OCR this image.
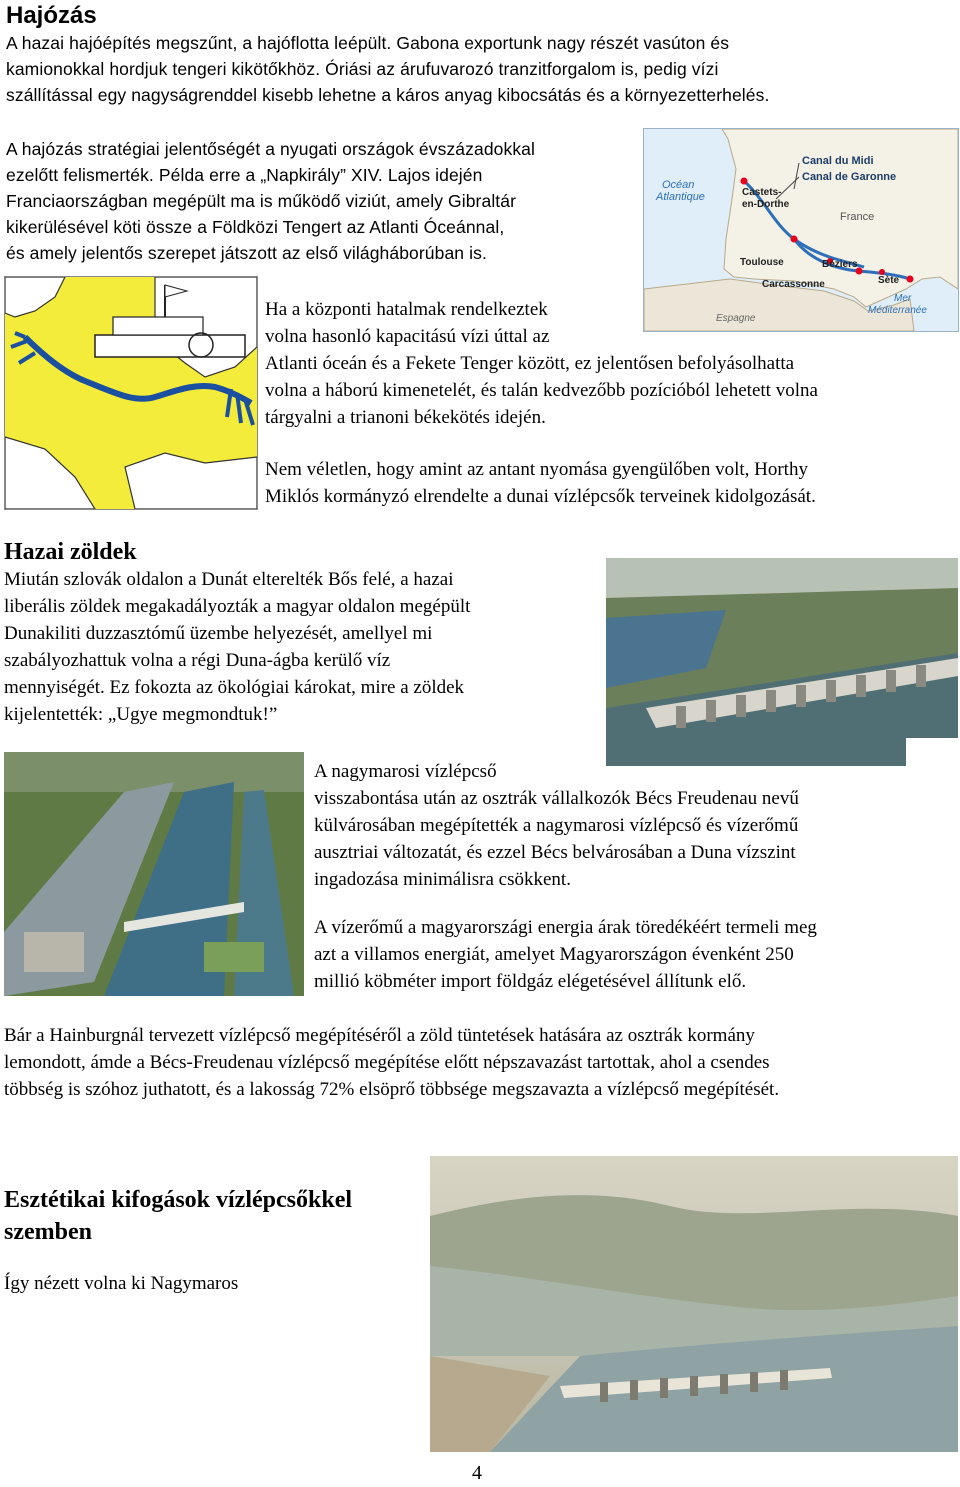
Hajózás
A hazai hajóépítés megszűnt, a hajóflotta leépült. Gabona exportunk nagy részét vasúton és
kamionokkal hordjuk tengeri kikötőkhöz. Óriási az árufuvarozó tranzitforgalom is, pedig vízi
szállítással egy nagyságrenddel kisebb lehetne a káros anyag kibocsátás és a környezetterhelés.
A hajózás stratégiai jelentőségét a nyugati országok évszázadokkal
ezelőtt felismerték. Példa erre a „Napkirály” XIV. Lajos idején
Franciaországban megépült ma is működő viziút, amely Gibraltár
kikerülésével köti össze a Földközi Tengert az Atlanti Óceánnal,
és amely jelentős szerepet játszott az első világháborúban is.
Océan
Atlantique
Canal du Midi
Canal de Garonne
Castets-
en-Dorthe
France
Toulouse	Béziers
Sète
Carcassonne
Mer
Méditerranée
Espagne

Ha a központi hatalmak rendelkeztek

volna hasonló kapacitású vízi úttal az

Atlanti óceán és a Fekete Tenger között, ez jelentősen befolyásolhatta

volna a háború kimenetelét, és talán kedvezőbb pozícióból lehetett volna

tárgyalni a trianoni békekötés idején.

Nem véletlen, hogy amint az antant nyomása gyengülőben volt, Horthy

Miklós kormányzó elrendelte a dunai vízlépcsők terveinek kidolgozását.

Hazai zöldek

Miután szlovák oldalon a Dunát elterelték Bős felé, a hazai

liberális zöldek megakadályozták a magyar oldalon megépült

Dunakiliti duzzasztómű üzembe helyezését, amellyel mi

szabályozhattuk volna a régi Duna-ágba kerülő víz

mennyiségét. Ez fokozta az ökológiai károkat, mire a zöldek

kijelentették: „Ugye megmondtuk!”

A nagymarosi vízlépcső

visszabontása után az osztrák vállalkozók Bécs Freudenau nevű

külvárosában megépítették a nagymarosi vízlépcső és vízerőmű

ausztriai változatát, és ezzel Bécs belvárosában a Duna vízszint

ingadozása minimálisra csökkent.

A vízerőmű a magyarországi energia árak töredékéért termeli meg

azt a villamos energiát, amelyet Magyarországon évenként 250

millió köbméter import földgáz elégetésével állítunk elő.

Bár a Hainburgnál tervezett vízlépcső megépítéséről a zöld tüntetések hatására az osztrák kormány

lemondott, ámde a Bécs-Freudenau vízlépcső megépítése előtt népszavazást tartottak, ahol a csendes

többség is szóhoz juthatott, és a lakosság 72% elsöprő többsége megszavazta a vízlépcső megépítését.

Esztétikai kifogások vízlépcsőkkel
szemben

Így nézett volna ki Nagymaros

4
